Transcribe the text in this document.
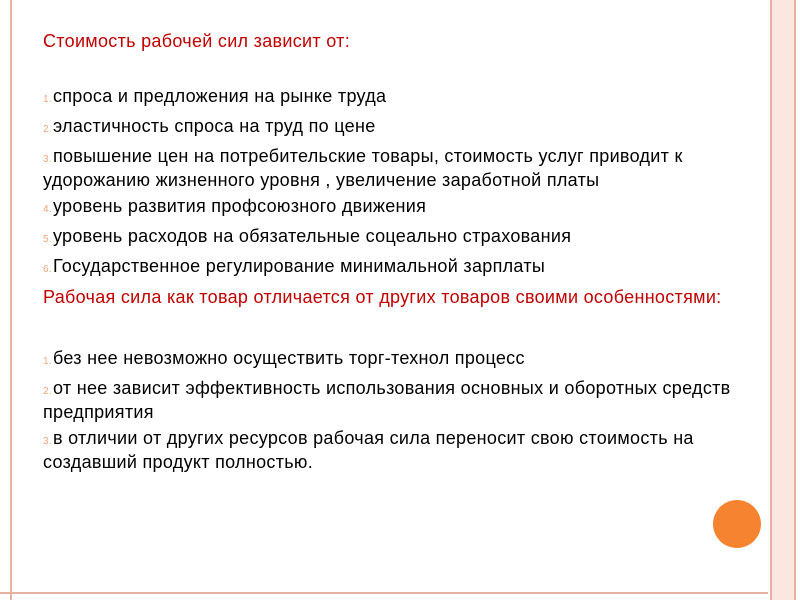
Стоимость рабочей сил зависит от:

1.спроса и предложения на рынке труда

2.эластичность спроса на труд по цене

3.повышение цен на потребительские товары, стоимость услуг приводит к удорожанию жизненного уровня , увеличение заработной платы

4.уровень развития профсоюзного движения

5.уровень расходов на обязательные соцеально страхования

6.Государственное регулирование минимальной зарплаты

Рабочая сила как товар отличается от других товаров своими особенностями:

1.без нее невозможно осуществить торг-технол процесс

2.от нее зависит эффективность использования основных и оборотных средств предприятия

3.в отличии от других ресурсов рабочая сила переносит свою стоимость на создавший продукт полностью.
